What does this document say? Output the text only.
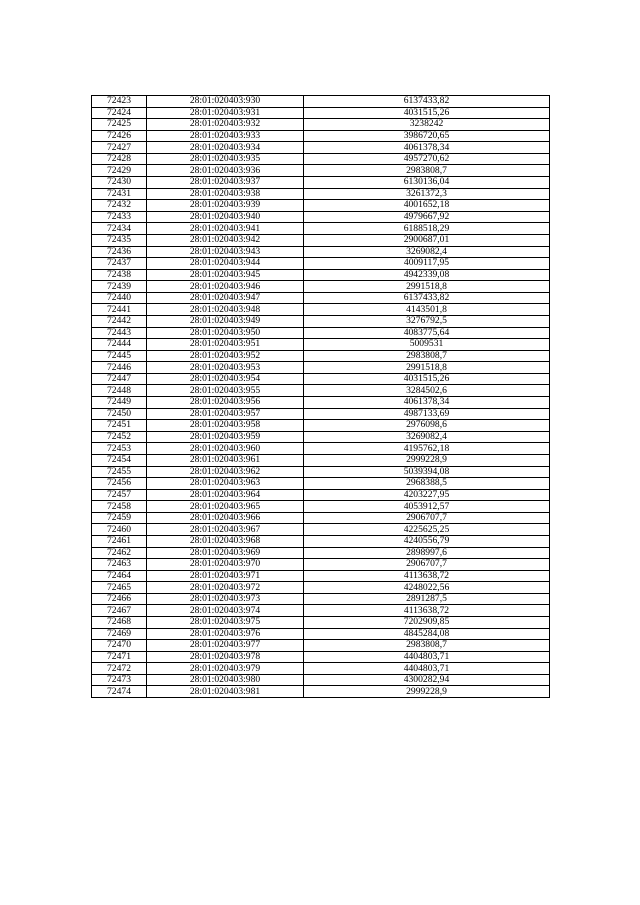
72423	28:01:020403:930	6137433,82
72424	28:01:020403:931	4031515,26
72425	28:01:020403:932	3238242
72426	28:01:020403:933	3986720,65
72427	28:01:020403:934	4061378,34
72428	28:01:020403:935	4957270,62
72429	28:01:020403:936	2983808,7
72430	28:01:020403:937	6130136,04
72431	28:01:020403:938	3261372,3
72432	28:01:020403:939	4001652,18
72433	28:01:020403:940	4979667,92
72434	28:01:020403:941	6188518,29
72435	28:01:020403:942	2900687,01
72436	28:01:020403:943	3269082,4
72437	28:01:020403:944	4009117,95
72438	28:01:020403:945	4942339,08
72439	28:01:020403:946	2991518,8
72440	28:01:020403:947	6137433,82
72441	28:01:020403:948	4143501,8
72442	28:01:020403:949	3276792,5
72443	28:01:020403:950	4083775,64
72444	28:01:020403:951	5009531
72445	28:01:020403:952	2983808,7
72446	28:01:020403:953	2991518,8
72447	28:01:020403:954	4031515,26
72448	28:01:020403:955	3284502,6
72449	28:01:020403:956	4061378,34
72450	28:01:020403:957	4987133,69
72451	28:01:020403:958	2976098,6
72452	28:01:020403:959	3269082,4
72453	28:01:020403:960	4195762,18
72454	28:01:020403:961	2999228,9
72455	28:01:020403:962	5039394,08
72456	28:01:020403:963	2968388,5
72457	28:01:020403:964	4203227,95
72458	28:01:020403:965	4053912,57
72459	28:01:020403:966	2906707,7
72460	28:01:020403:967	4225625,25
72461	28:01:020403:968	4240556,79
72462	28:01:020403:969	2898997,6
72463	28:01:020403:970	2906707,7
72464	28:01:020403:971	4113638,72
72465	28:01:020403:972	4248022,56
72466	28:01:020403:973	2891287,5
72467	28:01:020403:974	4113638,72
72468	28:01:020403:975	7202909,85
72469	28:01:020403:976	4845284,08
72470	28:01:020403:977	2983808,7
72471	28:01:020403:978	4404803,71
72472	28:01:020403:979	4404803,71
72473	28:01:020403:980	4300282,94
72474	28:01:020403:981	2999228,9
